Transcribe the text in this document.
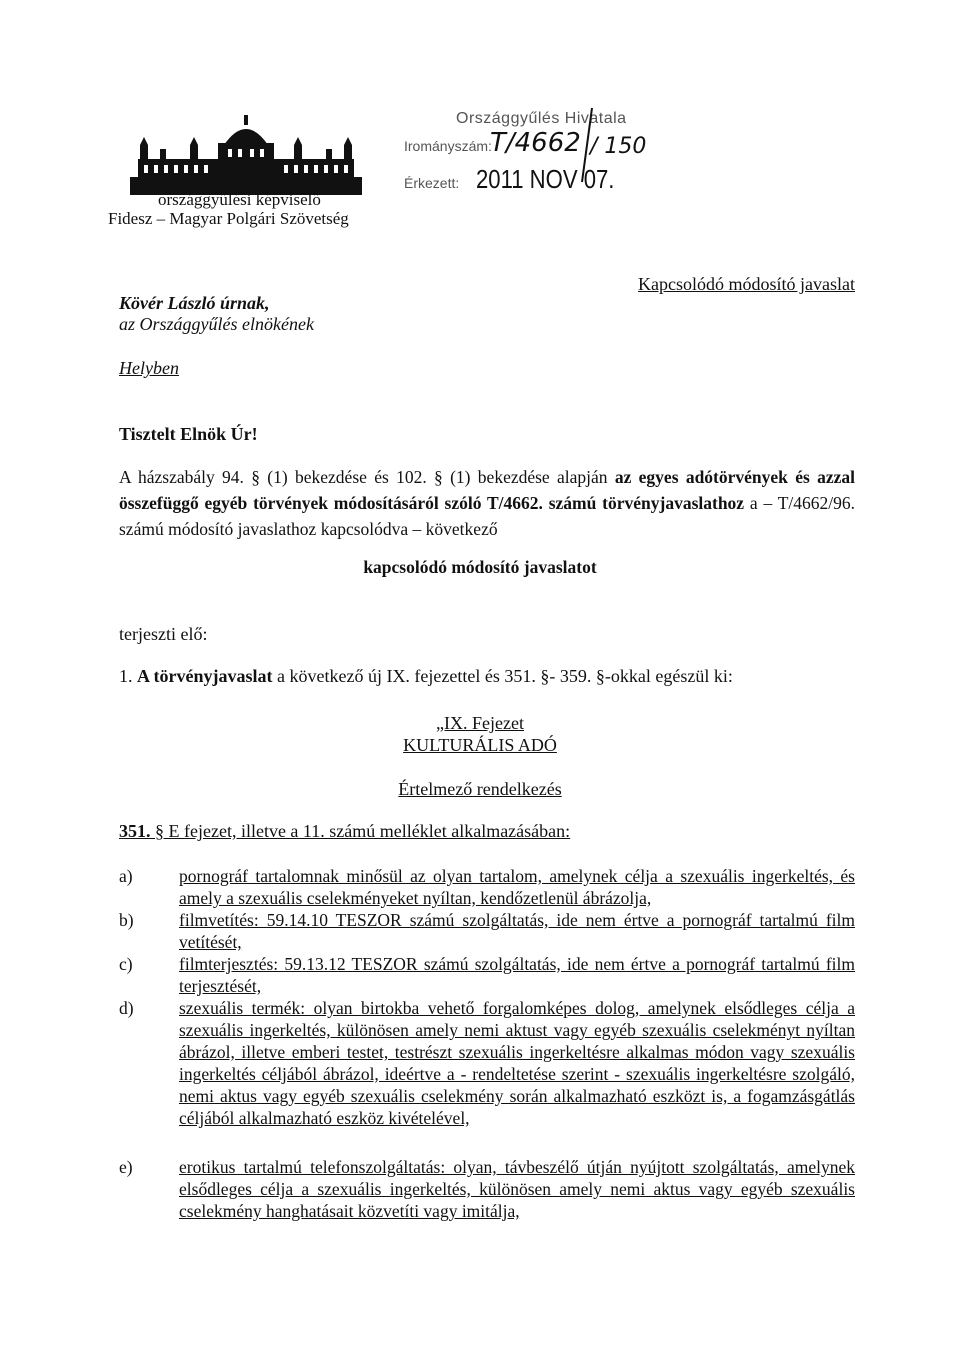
országgyűlési képviselő
Fidesz – Magyar Polgári Szövetség
Országgyűlés Hivatala
Irományszám:
T/4662 / 150
Érkezett: 2011 NOV 07.
Kapcsolódó módosító javaslat
Kövér László úrnak,
az Országgyűlés elnökének
Helyben
Tisztelt Elnök Úr!
A házszabály 94. § (1) bekezdése és 102. § (1) bekezdése alapján az egyes adótörvények és azzal összefüggő egyéb törvények módosításáról szóló T/4662. számú törvényjavaslathoz a – T/4662/96. számú módosító javaslathoz kapcsolódva – következő
kapcsolódó módosító javaslatot
terjeszti elő:
1. A törvényjavaslat a következő új IX. fejezettel és 351. §- 359. §-okkal egészül ki:
„IX. Fejezet
KULTURÁLIS ADÓ
Értelmező rendelkezés
351. § E fejezet, illetve a 11. számú melléklet alkalmazásában:
a)	pornográf tartalomnak minősül az olyan tartalom, amelynek célja a szexuális ingerkeltés, és amely a szexuális cselekményeket nyíltan, kendőzetlenül ábrázolja,
b)	filmvetítés: 59.14.10 TESZOR számú szolgáltatás, ide nem értve a pornográf tartalmú film vetítését,
c)	filmterjesztés: 59.13.12 TESZOR számú szolgáltatás, ide nem értve a pornográf tartalmú film terjesztését,
d)	szexuális termék: olyan birtokba vehető forgalomképes dolog, amelynek elsődleges célja a szexuális ingerkeltés, különösen amely nemi aktust vagy egyéb szexuális cselekményt nyíltan ábrázol, illetve emberi testet, testrészt szexuális ingerkeltésre alkalmas módon vagy szexuális ingerkeltés céljából ábrázol, ideértve a - rendeltetése szerint - szexuális ingerkeltésre szolgáló, nemi aktus vagy egyéb szexuális cselekmény során alkalmazható eszközt is, a fogamzásgátlás céljából alkalmazható eszköz kivételével,
e)	erotikus tartalmú telefonszolgáltatás: olyan, távbeszélő útján nyújtott szolgáltatás, amelynek elsődleges célja a szexuális ingerkeltés, különösen amely nemi aktus vagy egyéb szexuális cselekmény hanghatásait közvetíti vagy imitálja,
